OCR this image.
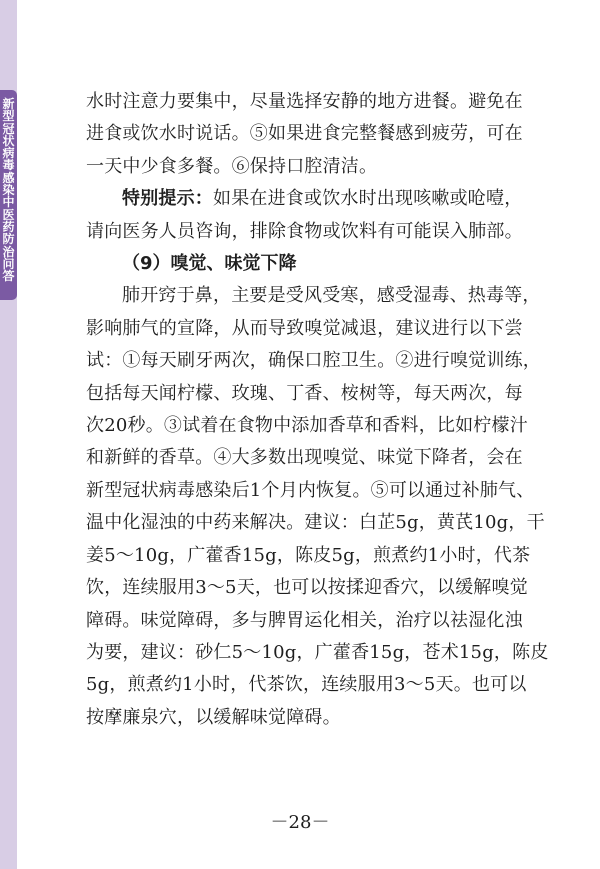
新型冠状病毒感染中医药防治问答

水时注意力要集中，尽量选择安静的地方进餐。避免在
进食或饮水时说话。⑤如果进食完整餐感到疲劳，可在
一天中少食多餐。⑥保持口腔清洁。

特别提示：如果在进食或饮水时出现咳嗽或呛噎，
请向医务人员咨询，排除食物或饮料有可能误入肺部。

（9）嗅觉、味觉下降

肺开窍于鼻，主要是受风受寒，感受湿毒、热毒等，
影响肺气的宣降，从而导致嗅觉减退，建议进行以下尝
试：①每天刷牙两次，确保口腔卫生。②进行嗅觉训练，
包括每天闻柠檬、玫瑰、丁香、桉树等，每天两次，每
次20秒。③试着在食物中添加香草和香料，比如柠檬汁
和新鲜的香草。④大多数出现嗅觉、味觉下降者，会在
新型冠状病毒感染后1个月内恢复。⑤可以通过补肺气、
温中化湿浊的中药来解决。建议：白芷5g，黄芪10g，干
姜5～10g，广藿香15g，陈皮5g，煎煮约1小时，代茶
饮，连续服用3～5天，也可以按揉迎香穴，以缓解嗅觉
障碍。味觉障碍，多与脾胃运化相关，治疗以祛湿化浊
为要，建议：砂仁5～10g，广藿香15g，苍术15g，陈皮
5g，煎煮约1小时，代茶饮，连续服用3～5天。也可以
按摩廉泉穴，以缓解味觉障碍。

－28－
